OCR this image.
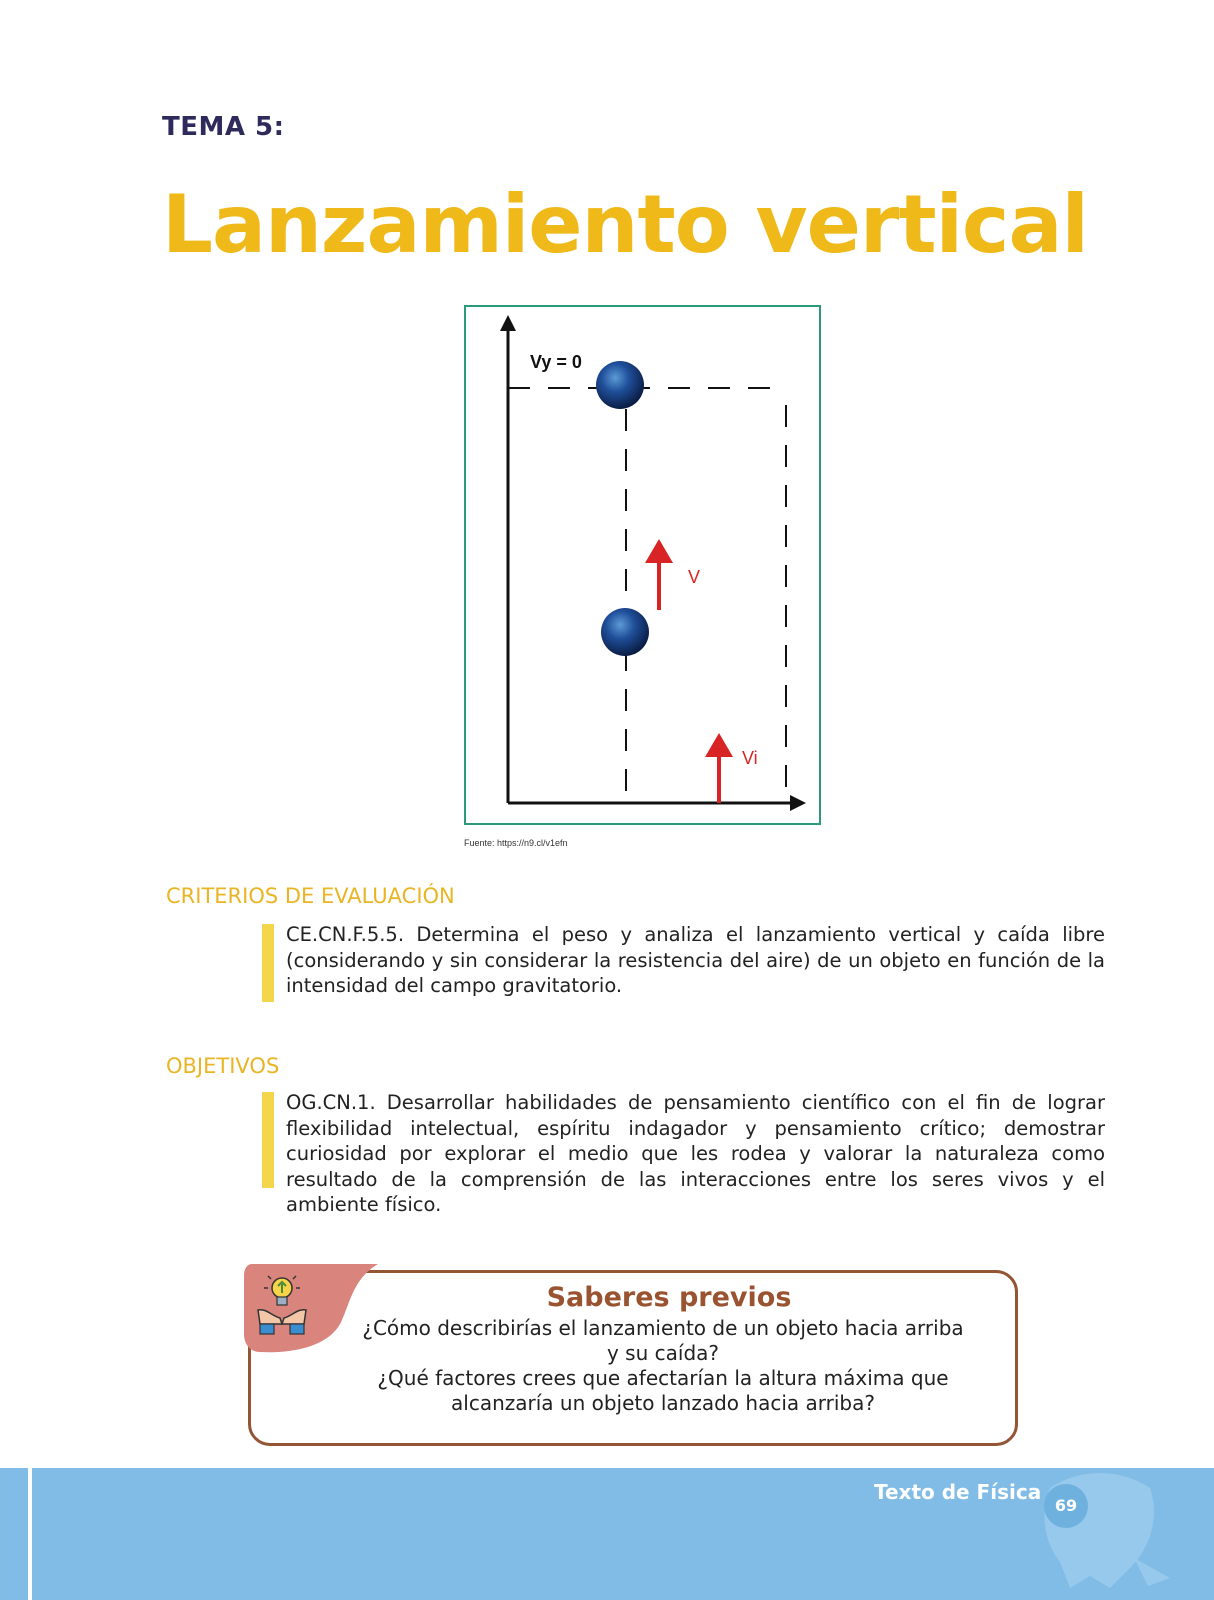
TEMA 5:
Lanzamiento vertical
Vy = 0
V
Vi
Fuente: https://n9.cl/v1efn
CRITERIOS DE EVALUACIÓN
CE.CN.F.5.5. Determina el peso y analiza el lanzamiento vertical y caída libre (considerando y sin considerar la resistencia del aire) de un objeto en función de la intensidad del campo gravitatorio.
OBJETIVOS
OG.CN.1. Desarrollar habilidades de pensamiento científico con el fin de lograr flexibilidad intelectual, espíritu indagador y pensamiento crítico; demostrar curiosidad por explorar el medio que les rodea y valorar la naturaleza como resultado de la comprensión de las interacciones entre los seres vivos y el ambiente físico.
Saberes previos
¿Cómo describirías el lanzamiento de un objeto hacia arriba y su caída?
¿Qué factores crees que afectarían la altura máxima que alcanzaría un objeto lanzado hacia arriba?
Texto de Física
69
